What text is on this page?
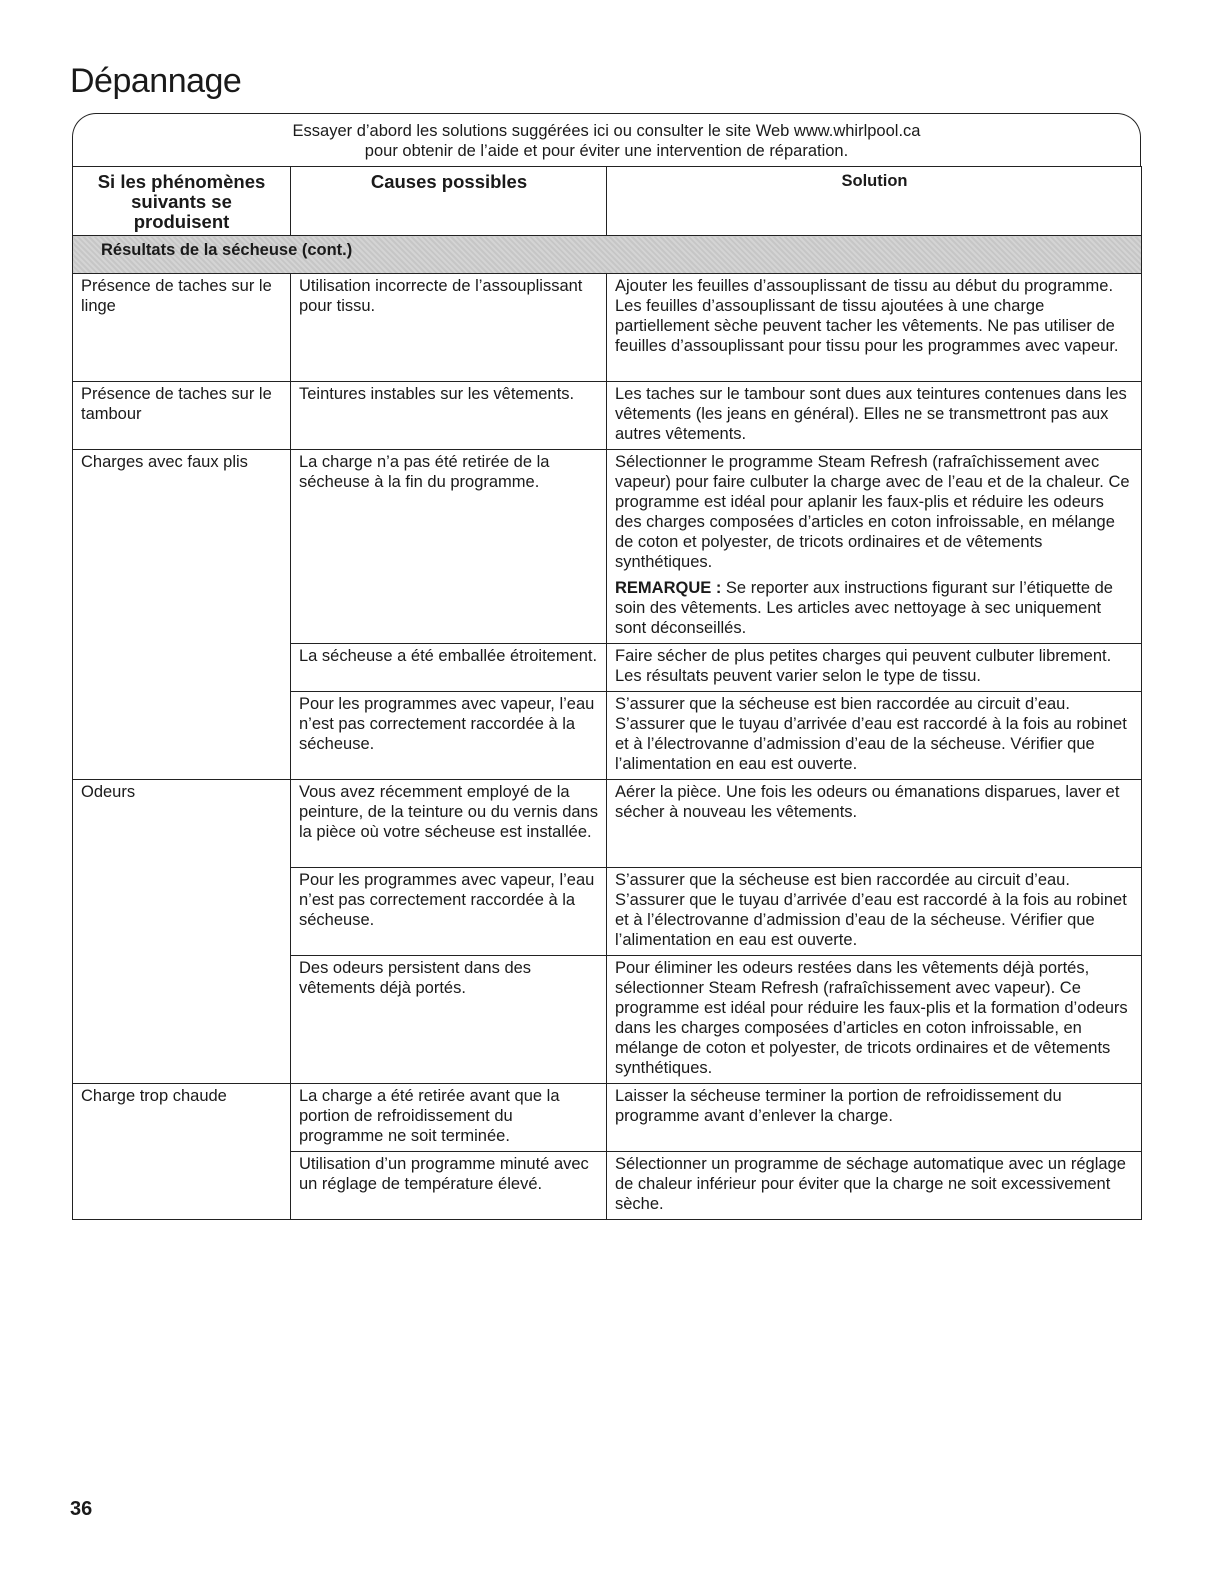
Dépannage

Essayer d’abord les solutions suggérées ici ou consulter le site Web www.whirlpool.ca

pour obtenir de l’aide et pour éviter une intervention de réparation.

Si les phénomènes suivants se produisent	Causes possibles	Solution
Résultats de la sécheuse (cont.)		
Présence de taches sur le linge	Utilisation incorrecte de l’assouplissant pour tissu.	Ajouter les feuilles d’assouplissant de tissu au début du programme. Les feuilles d’assouplissant de tissu ajoutées à une charge partiellement sèche peuvent tacher les vêtements. Ne pas utiliser de feuilles d’assouplissant pour tissu pour les programmes avec vapeur.
Présence de taches sur le tambour	Teintures instables sur les vêtements.	Les taches sur le tambour sont dues aux teintures contenues dans les vêtements (les jeans en général). Elles ne se transmettront pas aux autres vêtements.
Charges avec faux plis	La charge n’a pas été retirée de la sécheuse à la fin du programme.	Sélectionner le programme Steam Refresh (rafraîchissement avec vapeur) pour faire culbuter la charge avec de l’eau et de la chaleur. Ce programme est idéal pour aplanir les faux-plis et réduire les odeurs des charges composées d’articles en coton infroissable, en mélange de coton et polyester, de tricots ordinaires et de vêtements synthétiques.

REMARQUE : Se reporter aux instructions figurant sur l’étiquette de soin des vêtements. Les articles avec nettoyage à sec uniquement sont déconseillés.

	La sécheuse a été emballée étroitement.	Faire sécher de plus petites charges qui peuvent culbuter librement. Les résultats peuvent varier selon le type de tissu.
	Pour les programmes avec vapeur, l’eau n’est pas correctement raccordée à la sécheuse.	S’assurer que la sécheuse est bien raccordée au circuit d’eau. S’assurer que le tuyau d’arrivée d’eau est raccordé à la fois au robinet et à l’électrovanne d’admission d’eau de la sécheuse. Vérifier que l’alimentation en eau est ouverte.
Odeurs	Vous avez récemment employé de la peinture, de la teinture ou du vernis dans la pièce où votre sécheuse est installée.	Aérer la pièce. Une fois les odeurs ou émanations disparues, laver et sécher à nouveau les vêtements.
	Pour les programmes avec vapeur, l’eau n’est pas correctement raccordée à la sécheuse.	S’assurer que la sécheuse est bien raccordée au circuit d’eau. S’assurer que le tuyau d’arrivée d’eau est raccordé à la fois au robinet et à l’électrovanne d’admission d’eau de la sécheuse. Vérifier que l’alimentation en eau est ouverte.
	Des odeurs persistent dans des vêtements déjà portés.	Pour éliminer les odeurs restées dans les vêtements déjà portés, sélectionner Steam Refresh (rafraîchissement avec vapeur). Ce programme est idéal pour réduire les faux-plis et la formation d’odeurs dans les charges composées d’articles en coton infroissable, en mélange de coton et polyester, de tricots ordinaires et de vêtements synthétiques.
Charge trop chaude	La charge a été retirée avant que la portion de refroidissement du programme ne soit terminée.	Laisser la sécheuse terminer la portion de refroidissement du programme avant d’enlever la charge.
	Utilisation d’un programme minuté avec un réglage de température élevé.	Sélectionner un programme de séchage automatique avec un réglage de chaleur inférieur pour éviter que la charge ne soit excessivement sèche.
36
